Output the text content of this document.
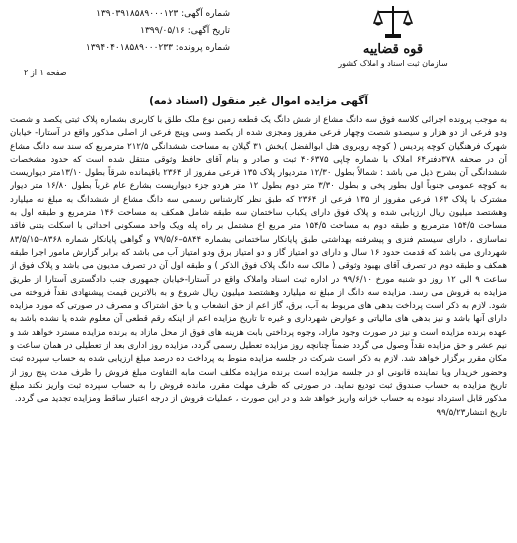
شماره آگهی: ۱۳۹۰۳۹۱۸۵۸۹۰۰۰۱۲۳
تاریخ آگهی: ۱۳۹۹/۰۵/۱۶
شماره پرونده: ۱۳۹۴۰۴۰۱۸۵۸۹۰۰۰۲۳۳	قوه قضاییه
سازمان ثبت اسناد و املاک کشور
صفحه ۱ از ۲
آگهی مزایده اموال غیر منقول (اسناد ذمه)

به موجب پرونده اجرائی کلاسه فوق سه دانگ مشاع از شش دانگ یک قطعه زمین نوع ملک طلق با کاربری بشماره پلاک ثبتی یکصد و شصت ودو فرعی از دو هزار و سیصدو شصت وچهار فرعی مفروز ومجزی شده از یکصد وسی وپنج فرعی از اصلی مذکور واقع در آستارا- خیابان شهرک فرهنگیان کوچه پردیس ( کوچه روبروی هتل ابوالفضل )بخش ۳۱ گیلان به مساحت ششدانگی ۲۱۲/۵ مترمربع که سند سه دانگ مشاع آن در صحفه ۳۷۸دفتر۶۴ املاک با شماره چاپی ۴۰۶۳۷۵ ثبت و صادر و بنام آقای حافظ وثوقی منتقل شده است که حدود مشخصات ششدانگی آن بشرح ذیل می باشد : شمالاً بطول ۱۲/۳۰ متردیوار پلاک ۱۳۵ فرعی مفروز از ۲۳۶۴ باقیمانده شرقاً بطول ۱۳/۱۰متر دیواریست به کوچه عمومی جنوباً اول بطور پخی و بطول ۳/۳۰ متر دوم بطول ۱۲ متر هردو جزء دیواریست بشارع عام غرباً بطول ۱۶/۸۰ متر دیوار مشترک با پلاک ۱۶۳ فرعی مفروز از ۱۳۵ فرعی از ۲۳۶۴ که طبق نظر کارشناس رسمی سه دانگ مشاع از ششدانگ به مبلغ نه میلیارد وهشتصد میلیون ریال ارزیابی شده و پلاک فوق دارای یکباب ساختمان سه طبقه شامل همکف به مساحت ۱۴۶ مترمربع و طبقه اول به مساحت ۱۵۴/۵ مترمربع و طبقه دوم به مساحت ۱۵۴/۵ متر مربع اع مشتمل بر راه پله ویک واحد مسکونی احداثی با اسکلت بتنی فاقد نماسازی ، دارای سیستم فنزی و پیشرفته بهداشتی طبق پایانکار ساختمانی بشماره ۵۸۴۴–۷۹/۵/۶ و گواهی پایانکار شماره ۸۳۶۸–۸۳/۵/۱۵ شهرداری می باشد که قدمت حدود ۱۶ سال و دارای دو امتیاز گاز و دو امتیاز برق ودو امتیاز آب می باشد که برابر گزارش مامور اجرا طبقه همکف و طبقه دوم در تصرف آقای بهبود وثوقی ( مالک سه دانگ پلاک فوق الذکر ) و طبقه اول آن در تصرف مدیون می باشد و پلاک فوق از ساعت ۹ الی ۱۲ روز دو شنبه مورخ ۹۹/۶/۱۰ در اداره ثبت اسناد واملاک واقع در آستارا-خیابان جمهوری جنب دادگستری آستارا از طریق مزایده به فروش می رسد. مزایده سه دانگ از مبلغ نه میلیارد وهشتصد میلیون ریال شروع و به بالاترین قیمت پیشنهادی نقداً فروخته می شود. لازم به ذکر است پرداخت بدهی های مربوط به آب، برق، گاز اعم از حق انشعاب و یا حق اشتراک و مصرف در صورتی که مورد مزایده دارای آنها باشد و نیز بدهی های مالیاتی و عوارض شهرداری و غیره تا تاریخ مزایده اعم از اینکه رقم قطعی آن معلوم شده یا نشده باشد به عهده برنده مزایده است و نیز در صورت وجود مازاد، وجوه پرداختی بابت هزینه های فوق از محل مازاد به برنده مزایده مسترد خواهد شد و نیم عشر و حق مزایده نقداً وصول می گردد ضمناً چنانچه روز مزایده تعطیل رسمی گردد، مزایده روز اداری بعد از تعطیلی در همان ساعت و مکان مقرر برگزار خواهد شد. لازم به ذکر است شرکت در جلسه مزایده منوط به پرداخت ده درصد مبلغ ارزیابی شده به حساب سپرده ثبت وحضور خریدار ویا نماینده قانونی او در جلسه مزایده است برنده مزایده مکلف است مابه التفاوت مبلغ فروش را ظرف مدت پنج روز از تاریخ مزایده به حساب صندوق ثبت تودیع نماید. در صورتی که ظرف مهلت مقرر، مانده فروش را به حساب سپرده ثبت واریز نکند مبلغ مذکور قابل استرداد نبوده به حساب خزانه واریز خواهد شد و در این صورت ، عملیات فروش از درجه اعتبار ساقط ومزایده تجدید می گردد.

تاریخ انتشار۹۹/۵/۲۳
